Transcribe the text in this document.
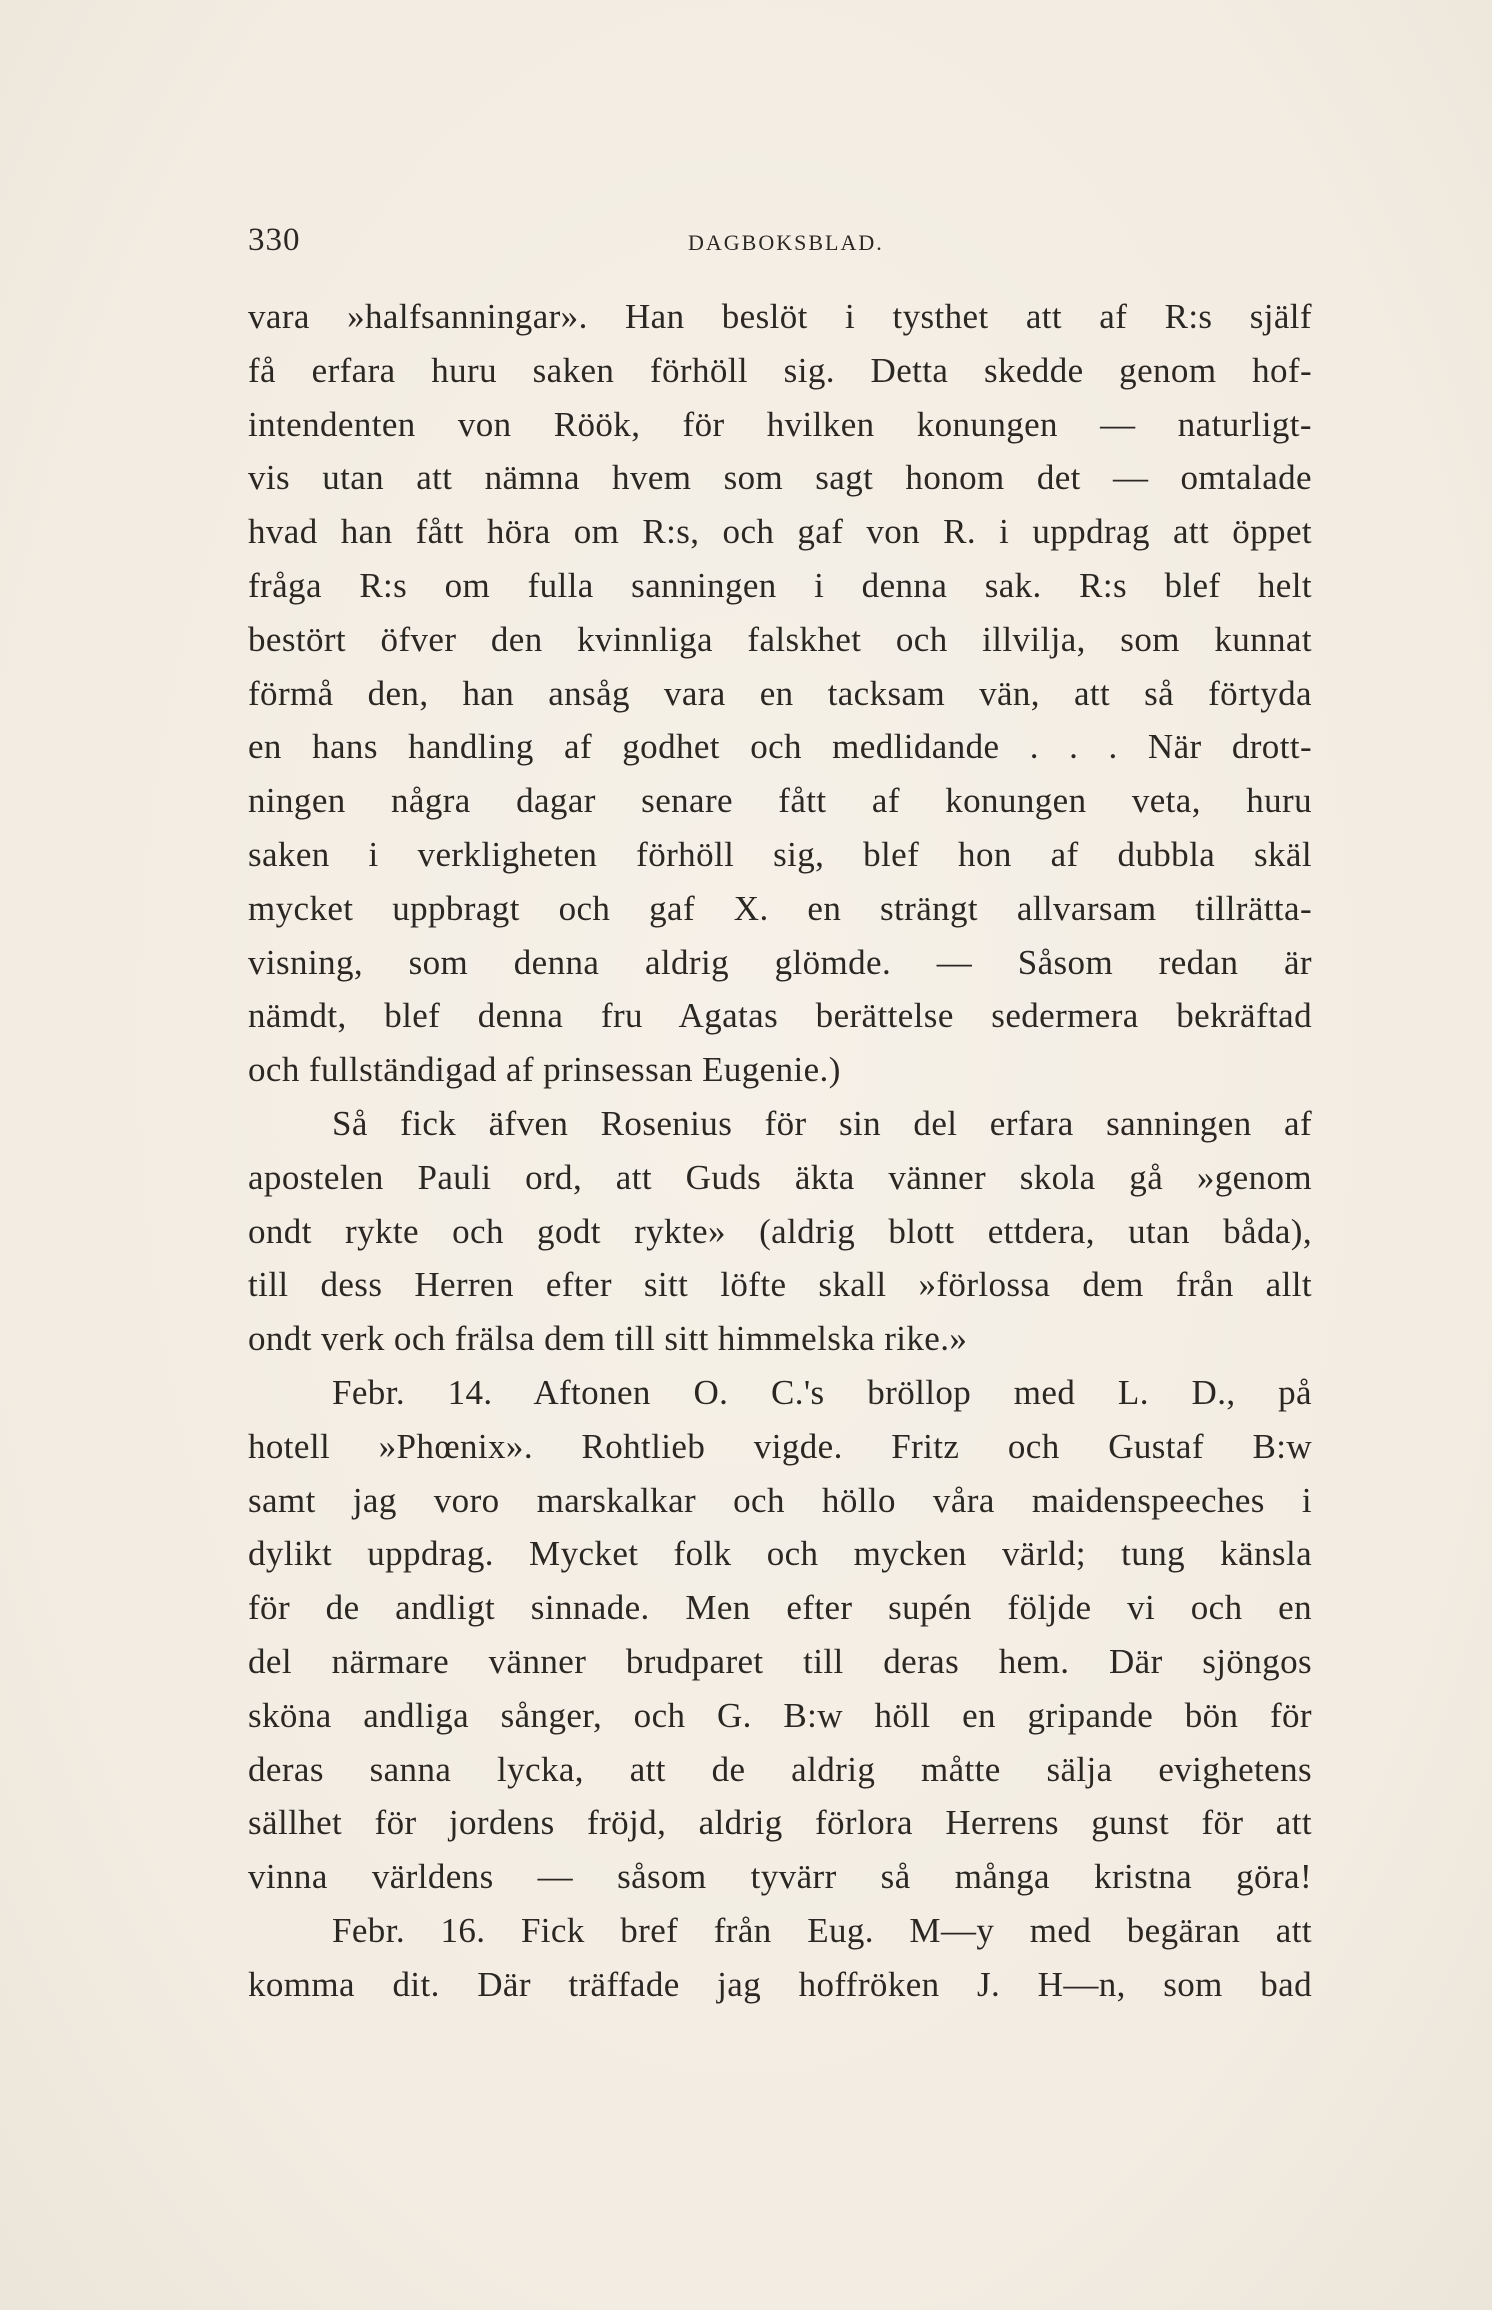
330	DAGBOKSBLAD.
vara »halfsanningar». Han beslöt i tysthet att af R:s själf
få erfara huru saken förhöll sig. Detta skedde genom hof-
intendenten von Röök, för hvilken konungen — naturligt-
vis utan att nämna hvem som sagt honom det — omtalade
hvad han fått höra om R:s, och gaf von R. i uppdrag att öppet
fråga R:s om fulla sanningen i denna sak. R:s blef helt
bestört öfver den kvinnliga falskhet och illvilja, som kunnat
förmå den, han ansåg vara en tacksam vän, att så förtyda
en hans handling af godhet och medlidande . . . När drott-
ningen några dagar senare fått af konungen veta, huru
saken i verkligheten förhöll sig, blef hon af dubbla skäl
mycket uppbragt och gaf X. en strängt allvarsam tillrätta-
visning, som denna aldrig glömde. — Såsom redan är
nämdt, blef denna fru Agatas berättelse sedermera bekräftad
och fullständigad af prinsessan Eugenie.)
Så fick äfven Rosenius för sin del erfara sanningen af
apostelen Pauli ord, att Guds äkta vänner skola gå »genom
ondt rykte och godt rykte» (aldrig blott ettdera, utan båda),
till dess Herren efter sitt löfte skall »förlossa dem från allt
ondt verk och frälsa dem till sitt himmelska rike.»
Febr. 14. Aftonen O. C.'s bröllop med L. D., på
hotell »Phœnix». Rohtlieb vigde. Fritz och Gustaf B:w
samt jag voro marskalkar och höllo våra maidenspeeches i
dylikt uppdrag. Mycket folk och mycken värld; tung känsla
för de andligt sinnade. Men efter supén följde vi och en
del närmare vänner brudparet till deras hem. Där sjöngos
sköna andliga sånger, och G. B:w höll en gripande bön för
deras sanna lycka, att de aldrig måtte sälja evighetens
sällhet för jordens fröjd, aldrig förlora Herrens gunst för att
vinna världens — såsom tyvärr så många kristna göra!
Febr. 16. Fick bref från Eug. M—y med begäran att
komma dit. Där träffade jag hoffröken J. H—n, som bad
